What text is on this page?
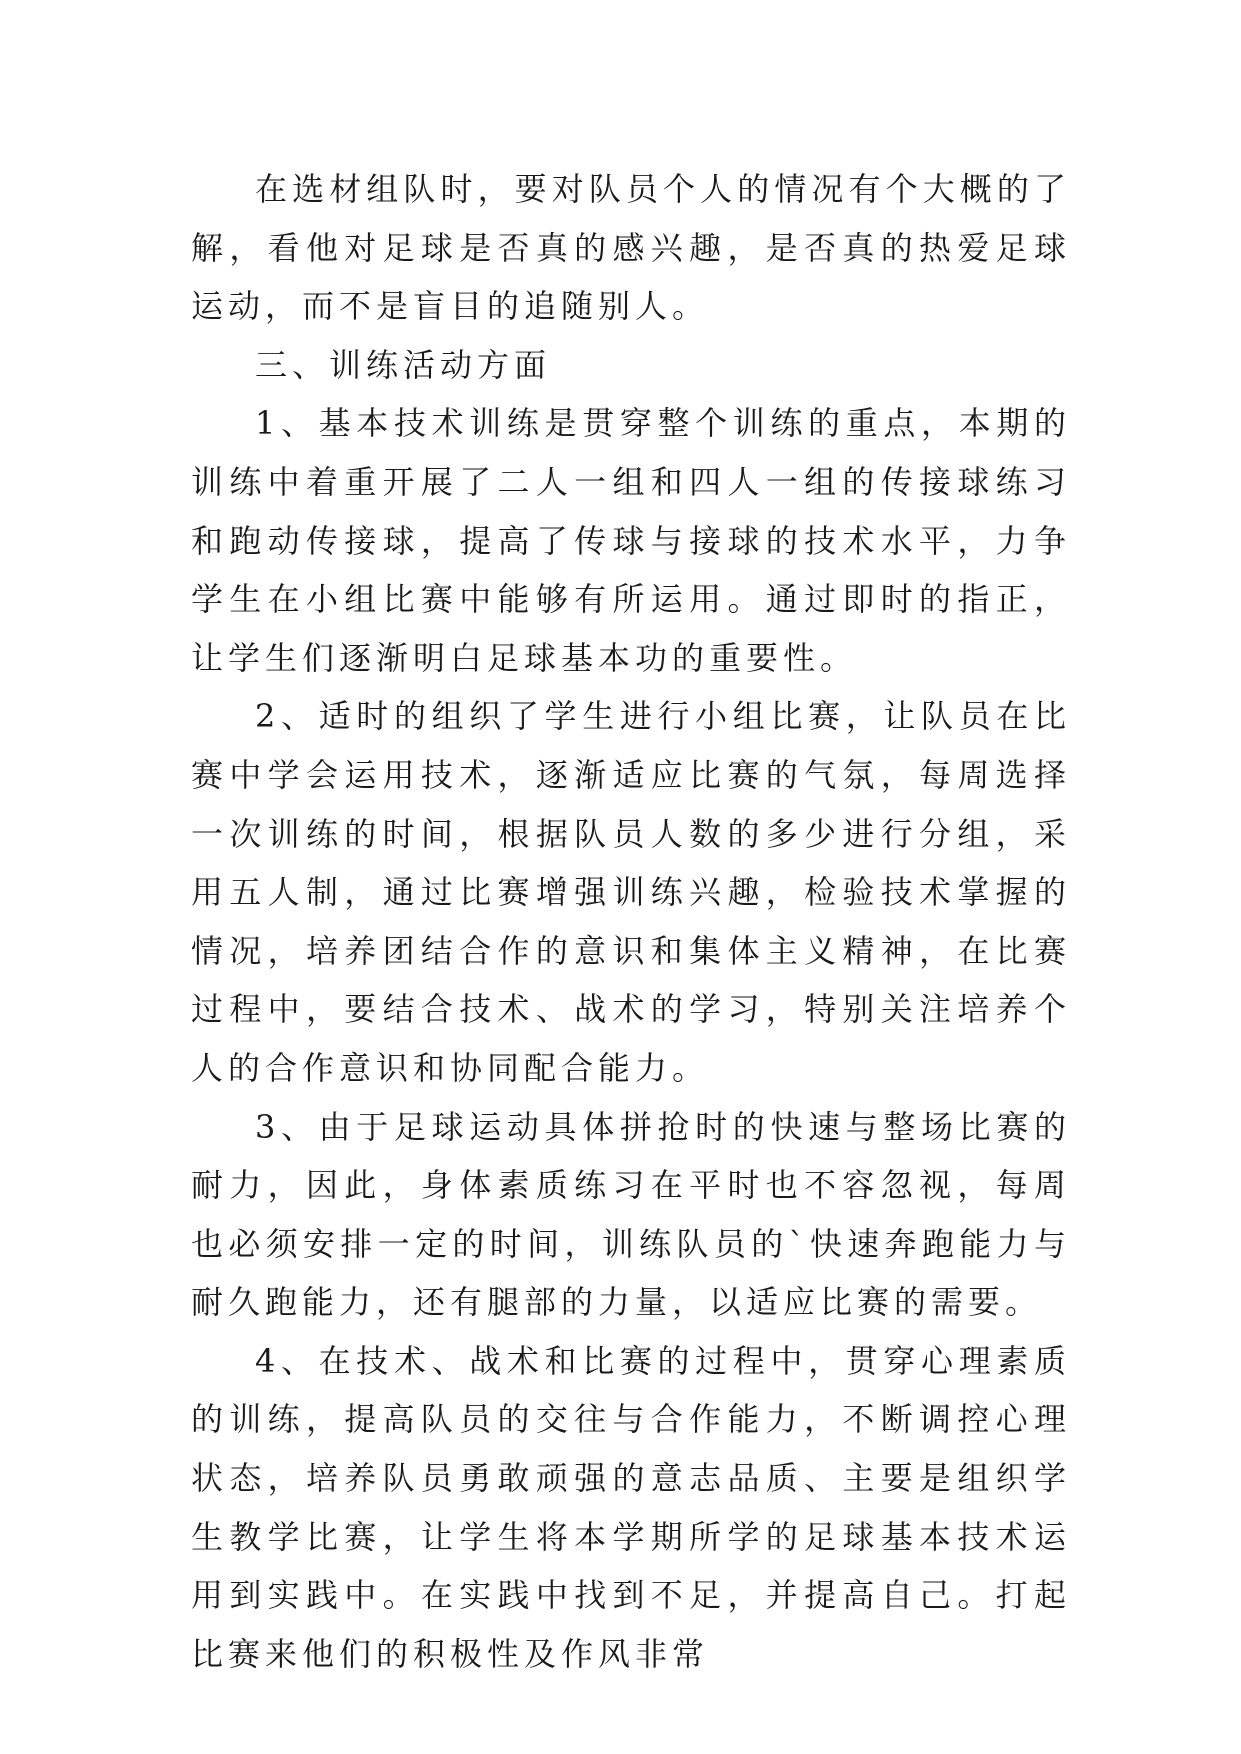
在选材组队时，要对队员个人的情况有个大概的了解，看他对足球是否真的感兴趣，是否真的热爱足球运动，而不是盲目的追随别人。

三、训练活动方面

1、基本技术训练是贯穿整个训练的重点，本期的训练中着重开展了二人一组和四人一组的传接球练习和跑动传接球，提高了传球与接球的技术水平，力争学生在小组比赛中能够有所运用。通过即时的指正，让学生们逐渐明白足球基本功的重要性。

2、适时的组织了学生进行小组比赛，让队员在比赛中学会运用技术，逐渐适应比赛的气氛，每周选择一次训练的时间，根据队员人数的多少进行分组，采用五人制，通过比赛增强训练兴趣，检验技术掌握的情况，培养团结合作的意识和集体主义精神，在比赛过程中，要结合技术、战术的学习，特别关注培养个人的合作意识和协同配合能力。

3、由于足球运动具体拼抢时的快速与整场比赛的耐力，因此，身体素质练习在平时也不容忽视，每周也必须安排一定的时间，训练队员的`快速奔跑能力与耐久跑能力，还有腿部的力量，以适应比赛的需要。

4、在技术、战术和比赛的过程中，贯穿心理素质的训练，提高队员的交往与合作能力，不断调控心理状态，培养队员勇敢顽强的意志品质、主要是组织学生教学比赛，让学生将本学期所学的足球基本技术运用到实践中。在实践中找到不足，并提高自己。打起比赛来他们的积极性及作风非常
